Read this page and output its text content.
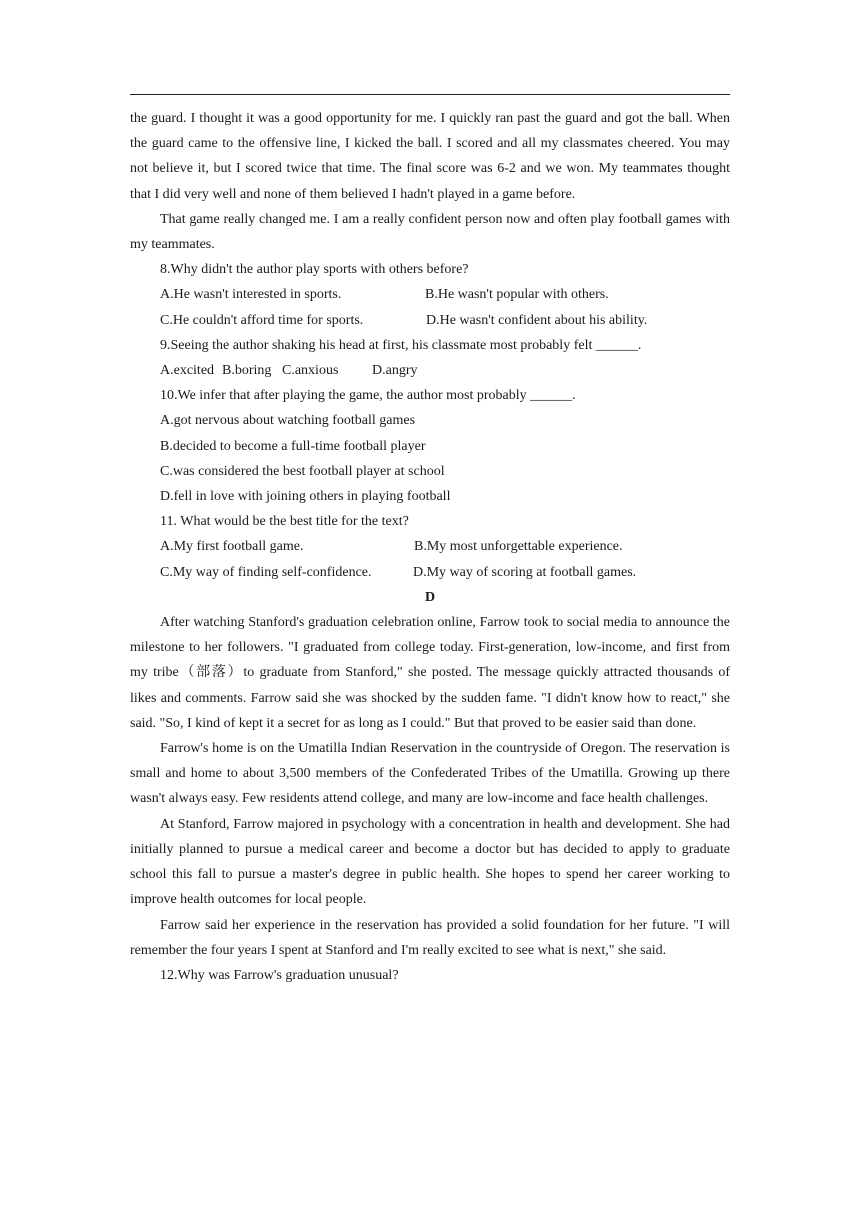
the guard. I thought it was a good opportunity for me. I quickly ran past the guard and got the ball. When the guard came to the offensive line, I kicked the ball. I scored and all my classmates cheered. You may not believe it, but I scored twice that time. The final score was 6-2 and we won. My teammates thought that I did very well and none of them believed I hadn't played in a game before.

That game really changed me. I am a really confident person now and often play football games with my teammates.

8.Why didn't the author play sports with others before?

A.He wasn't interested in sports.	B.He wasn't popular with others.
C.He couldn't afford time for sports.	D.He wasn't confident about his ability.

9.Seeing the author shaking his head at first, his classmate most probably felt ______.

A.excited B.boring C.anxious	D.angry

10.We infer that after playing the game, the author most probably ______.

A.got nervous about watching football games

B.decided to become a full-time football player

C.was considered the best football player at school

D.fell in love with joining others in playing football

11. What would be the best title for the text?

A.My first football game.	B.My most unforgettable experience.
C.My way of finding self-confidence.	D.My way of scoring at football games.

D

After watching Stanford's graduation celebration online, Farrow took to social media to announce the milestone to her followers. "I graduated from college today. First-generation, low-income, and first from my tribe（部落）to graduate from Stanford," she posted. The message quickly attracted thousands of likes and comments. Farrow said she was shocked by the sudden fame. "I didn't know how to react," she said. "So, I kind of kept it a secret for as long as I could." But that proved to be easier said than done.

Farrow's home is on the Umatilla Indian Reservation in the countryside of Oregon. The reservation is small and home to about 3,500 members of the Confederated Tribes of the Umatilla. Growing up there wasn't always easy. Few residents attend college, and many are low-income and face health challenges.

At Stanford, Farrow majored in psychology with a concentration in health and development. She had initially planned to pursue a medical career and become a doctor but has decided to apply to graduate school this fall to pursue a master's degree in public health. She hopes to spend her career working to improve health outcomes for local people.

Farrow said her experience in the reservation has provided a solid foundation for her future. "I will remember the four years I spent at Stanford and I'm really excited to see what is next," she said.

12.Why was Farrow's graduation unusual?
